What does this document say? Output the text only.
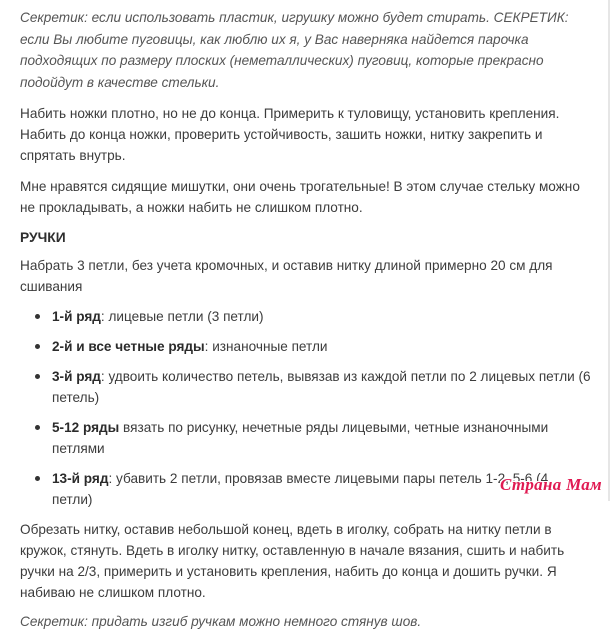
Секретик: если использовать пластик, игрушку можно будет стирать. СЕКРЕТИК: если Вы любите пуговицы, как люблю их я, у Вас наверняка найдется парочка подходящих по размеру плоских (неметаллических) пуговиц, которые прекрасно подойдут в качестве стельки.

Набить ножки плотно, но не до конца. Примерить к туловищу, установить крепления. Набить до конца ножки, проверить устойчивость, зашить ножки, нитку закрепить и спрятать внутрь.

Мне нравятся сидящие мишутки, они очень трогательные! В этом случае стельку можно не прокладывать, а ножки набить не слишком плотно.

РУЧКИ

Набрать 3 петли, без учета кромочных, и оставив нитку длиной примерно 20 см для сшивания

1-й ряд: лицевые петли (3 петли)
2-й и все четные ряды: изнаночные петли
3-й ряд: удвоить количество петель, вывязав из каждой петли по 2 лицевых петли (6 петель)
5-12 ряды вязать по рисунку, нечетные ряды лицевыми, четные изнаночными петлями
13-й ряд: убавить 2 петли, провязав вместе лицевыми пары петель 1-2, 5-6 (4 петли)

Обрезать нитку, оставив небольшой конец, вдеть в иголку, собрать на нитку петли в кружок, стянуть. Вдеть в иголку нитку, оставленную в начале вязания, сшить и набить ручки на 2/3, примерить и установить крепления, набить до конца и дошить ручки. Я набиваю не слишком плотно.

Секретик: придать изгиб ручкам можно немного стянув шов.
Страна Мам
